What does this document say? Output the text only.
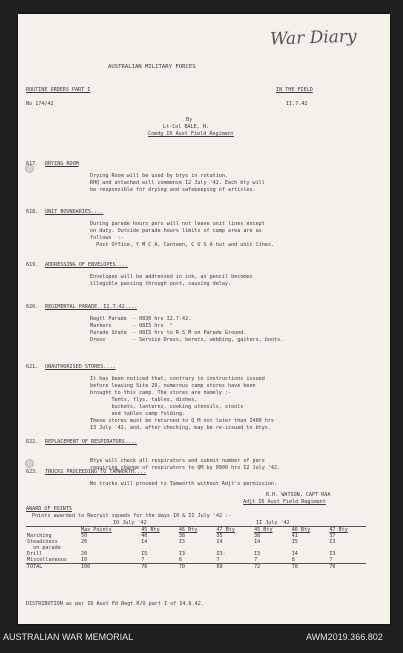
War Diary
AUSTRALIAN MILITARY FORCES
ROUTINE ORDERS PART I	IN THE FIELD
No 174/42	II.7.42
By
Lt-Col BALE, H.
Comdg I6 Aust Field Regiment
617. DRYING ROOM
Drying Room will be used by btys in rotation.
RHQ and attached will commence I2 July '42. Each bty will
be responsible for drying and safekeeping of articles.
618. UNIT BOUNDARIES....
During parade hours pers will not leave unit lines except
on duty. Outside parade hours limits of camp area are as
follows  :-
Post Office, Y M C A, Canteen, C U S A hut and unit lines.
619. ADDRESSING OF ENVELOPES....
Envelopes will be addressed in ink, as pencil becomes
illegible passing through post, causing delay.
620. REGIMENTAL PARADE. I2.7.42....
Regtl Parade  - 0830 hrs I2.7.42.
Markers       - 08I5 hrs  "
Parade State  - 08I5 hrs to R S M on Parade Ground.
Dress         - Service Dress, berets, webbing, gaiters, boots.
621. UNAUTHORISED STORES....
It has been noticed that, contrary to instructions issued
before leaving Site 29, numerous camp stores have been
brought to this camp. The stores are namely :-
Tents, flys, tables, dishes,
buckets, lanterns, cooking utensils, stools
and tables camp folding.
These stores must be returned to Q M not later than I400 hrs
I3 July '42, and, after checking, may be re-issued to btys.
622. REPLACEMENT OF RESPIRATORS....
Btys will check all respirators and submit number of pers
requiring change of respirators to QM by 0900 hrs I2 July '42.
623. TRUCKS PROCEEDING TO TAMWORTH....
No trucks will proceed to Tamworth without Adjt's permission.
R.H. WATSON, CAPT RAA
Adjt I6 Aust Field Regiment
AWARD OF POINTS
Points awarded to Recruit squads for the days I0 & II July '42 :-
I0 July '42	II July '42
	Max Points	45 Bty	46 Bty	47 Bty	45 Bty	46 Bty	47 Bty
Marching	50	40	38	35	38	41	37
Steadiness	20	I4	I3	I4	I4	I5	I3
on parade							
Drill	20	I5	I3	I3-	I3	I4	I3
Miscellaneous	I0	7	6	7	7	8	7
TOTAL	I00	76	70	69	72	78	70
DISTRIBUTION as per I6 Aust Fd Regt R/O part I of I4.6.42.
AUSTRALIAN WAR MEMORIAL	AWM2019.366.802
